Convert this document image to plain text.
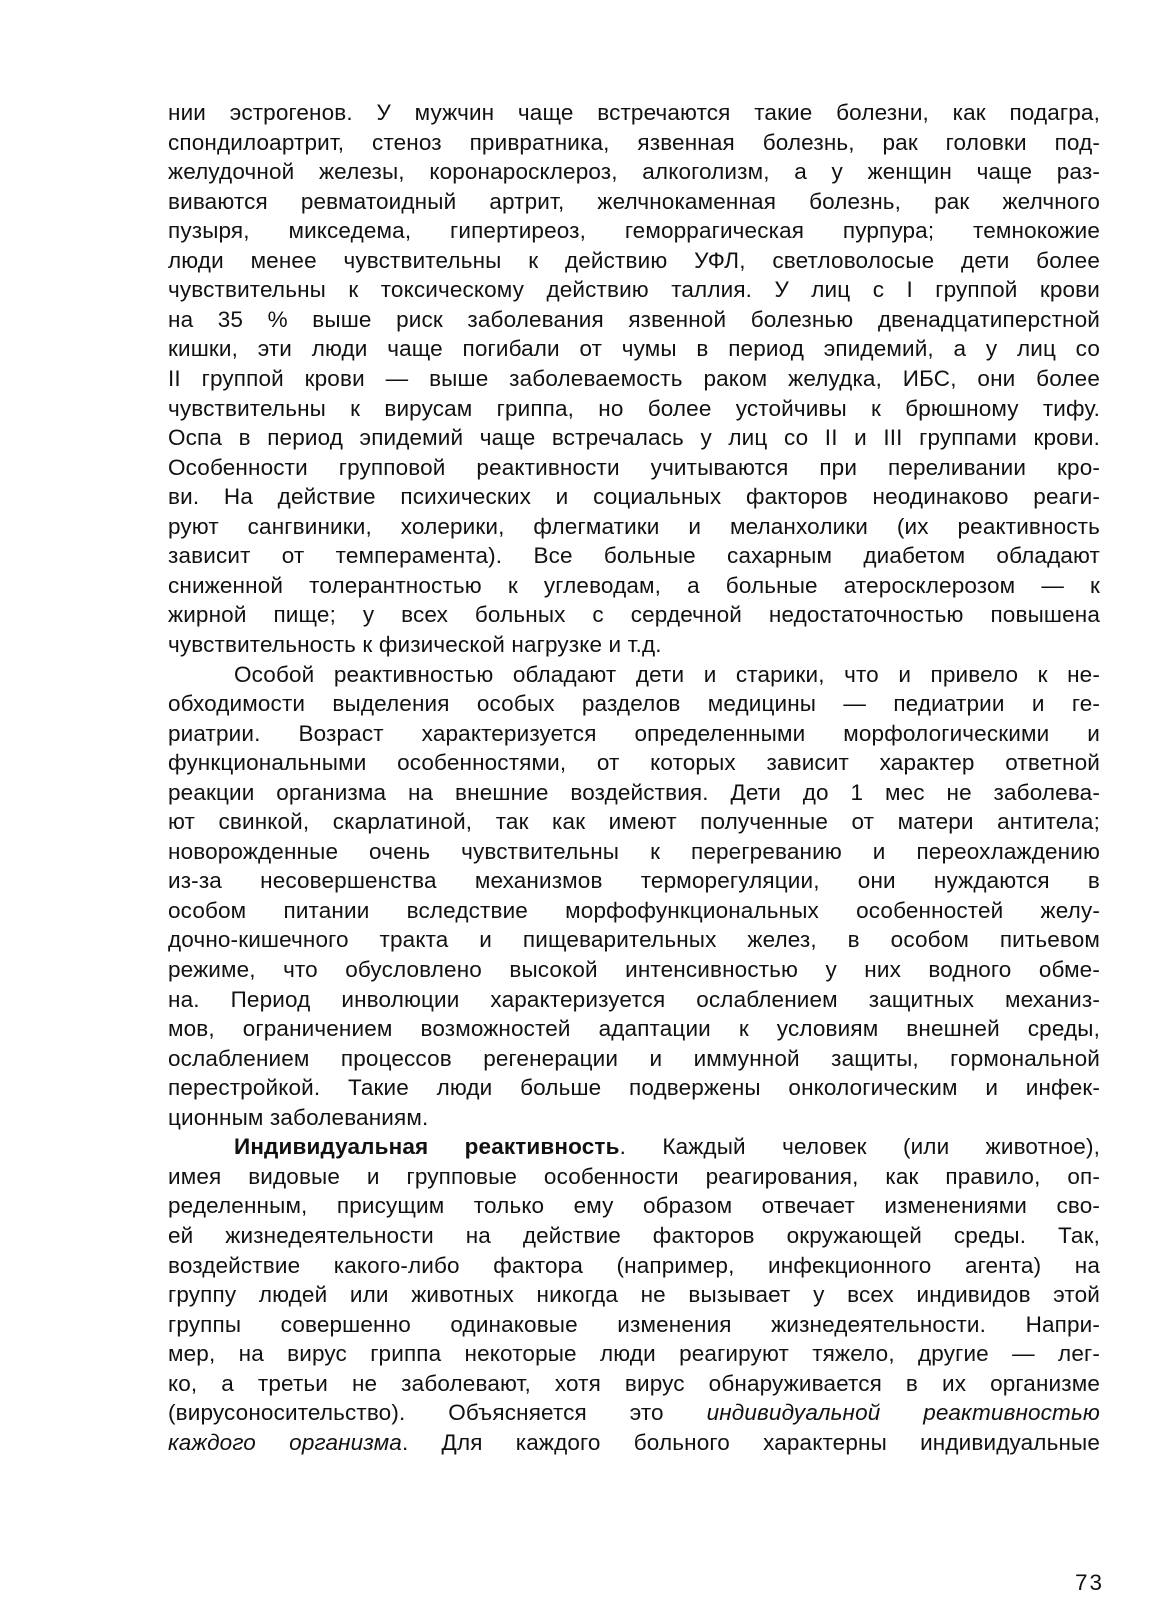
нии эстрогенов. У мужчин чаще встречаются такие болезни, как подагра,
спондилоартрит, стеноз привратника, язвенная болезнь, рак головки под-
желудочной железы, коронаросклероз, алкоголизм, а у женщин чаще раз-
виваются ревматоидный артрит, желчнокаменная болезнь, рак желчного
пузыря, микседема, гипертиреоз, геморрагическая пурпура; темнокожие
люди менее чувствительны к действию УФЛ, светловолосые дети более
чувствительны к токсическому действию таллия. У лиц с I группой крови
на 35 % выше риск заболевания язвенной болезнью двенадцатиперстной
кишки, эти люди чаще погибали от чумы в период эпидемий, а у лиц со
II группой крови — выше заболеваемость раком желудка, ИБС, они более
чувствительны к вирусам гриппа, но более устойчивы к брюшному тифу.
Оспа в период эпидемий чаще встречалась у лиц со II и III группами крови.
Особенности групповой реактивности учитываются при переливании кро-
ви. На действие психических и социальных факторов неодинаково реаги-
руют сангвиники, холерики, флегматики и меланхолики (их реактивность
зависит от темперамента). Все больные сахарным диабетом обладают
сниженной толерантностью к углеводам, а больные атеросклерозом — к
жирной пище; у всех больных с сердечной недостаточностью повышена
чувствительность к физической нагрузке и т.д.
Особой реактивностью обладают дети и старики, что и привело к не-
обходимости выделения особых разделов медицины — педиатрии и ге-
риатрии. Возраст характеризуется определенными морфологическими и
функциональными особенностями, от которых зависит характер ответной
реакции организма на внешние воздействия. Дети до 1 мес не заболева-
ют свинкой, скарлатиной, так как имеют полученные от матери антитела;
новорожденные очень чувствительны к перегреванию и переохлаждению
из-за несовершенства механизмов терморегуляции, они нуждаются в
особом питании вследствие морфофункциональных особенностей желу-
дочно-кишечного тракта и пищеварительных желез, в особом питьевом
режиме, что обусловлено высокой интенсивностью у них водного обме-
на. Период инволюции характеризуется ослаблением защитных механиз-
мов, ограничением возможностей адаптации к условиям внешней среды,
ослаблением процессов регенерации и иммунной защиты, гормональной
перестройкой. Такие люди больше подвержены онкологическим и инфек-
ционным заболеваниям.
Индивидуальная реактивность. Каждый человек (или животное),
имея видовые и групповые особенности реагирования, как правило, оп-
ределенным, присущим только ему образом отвечает изменениями сво-
ей жизнедеятельности на действие факторов окружающей среды. Так,
воздействие какого-либо фактора (например, инфекционного агента) на
группу людей или животных никогда не вызывает у всех индивидов этой
группы совершенно одинаковые изменения жизнедеятельности. Напри-
мер, на вирус гриппа некоторые люди реагируют тяжело, другие — лег-
ко, а третьи не заболевают, хотя вирус обнаруживается в их организме
(вирусоносительство). Объясняется это индивидуальной реактивностью
каждого организма. Для каждого больного характерны индивидуальные
73
